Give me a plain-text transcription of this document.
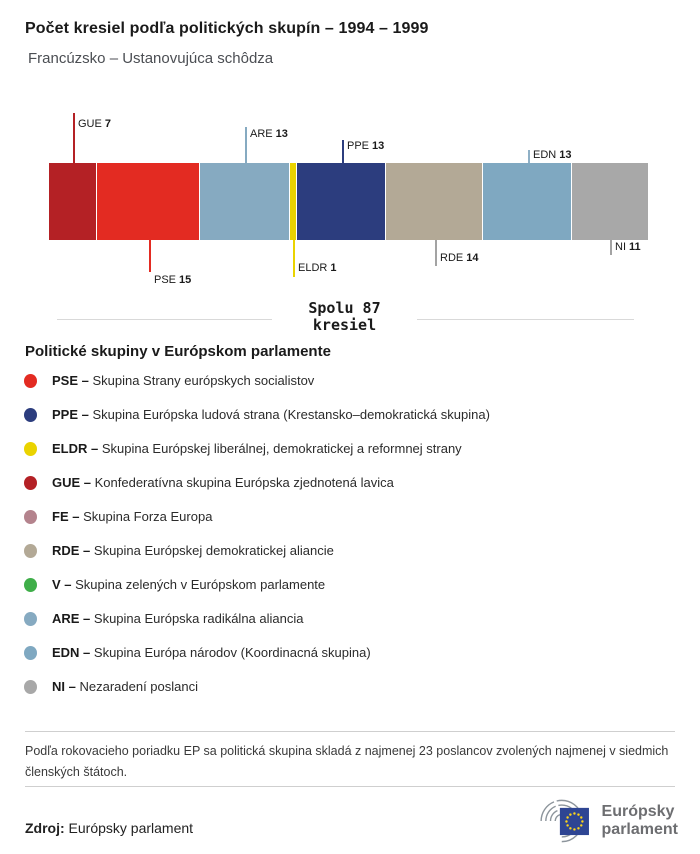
Počet kresiel podľa politických skupín – 1994 – 1999
Francúzsko – Ustanovujúca schôdza
GUE 7
PSE 15
ARE 13
ELDR 1
PPE 13
RDE 14
EDN 13
NI 11
Spolu 87
kresiel
Politické skupiny v Európskom parlamente
PSE – Skupina Strany európskych socialistov
PPE – Skupina Európska ludová strana (Krestansko–demokratická skupina)
ELDR – Skupina Európskej liberálnej, demokratickej a reformnej strany
GUE – Konfederatívna skupina Európska zjednotená lavica
FE – Skupina Forza Europa
RDE – Skupina Európskej demokratickej aliancie
V – Skupina zelených v Európskom parlamente
ARE – Skupina Európska radikálna aliancia
EDN – Skupina Európa národov (Koordinacná skupina)
NI – Nezaradení poslanci
Podľa rokovacieho poriadku EP sa politická skupina skladá z najmenej 23 poslancov zvolených najmenej v siedmich členských štátoch.
Zdroj: Európsky parlament
Európsky
parlament
